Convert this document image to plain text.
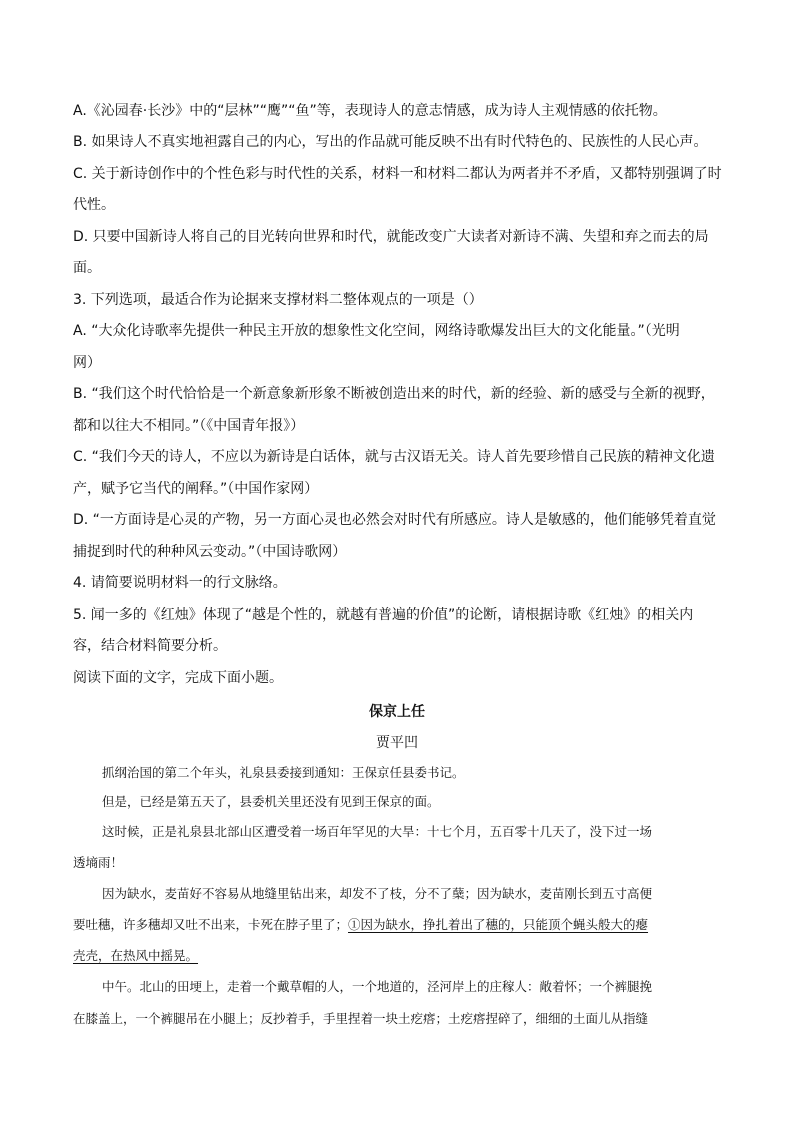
A.《沁园春·长沙》中的“层林”“鹰”“鱼”等，表现诗人的意志情感，成为诗人主观情感的依托物。
B. 如果诗人不真实地袒露自己的内心，写出的作品就可能反映不出有时代特色的、民族性的人民心声。
C. 关于新诗创作中的个性色彩与时代性的关系，材料一和材料二都认为两者并不矛盾，又都特别强调了时
代性。
D. 只要中国新诗人将自己的目光转向世界和时代，就能改变广大读者对新诗不满、失望和弃之而去的局
面。
3. 下列选项，最适合作为论据来支撑材料二整体观点的一项是（）
A. “大众化诗歌率先提供一种民主开放的想象性文化空间，网络诗歌爆发出巨大的文化能量。”（光明
网）
B. “我们这个时代恰恰是一个新意象新形象不断被创造出来的时代，新的经验、新的感受与全新的视野，
都和以往大不相同。”（《中国青年报》）
C. “我们今天的诗人，不应以为新诗是白话体，就与古汉语无关。诗人首先要珍惜自己民族的精神文化遗
产，赋予它当代的阐释。”（中国作家网）
D. “一方面诗是心灵的产物，另一方面心灵也必然会对时代有所感应。诗人是敏感的，他们能够凭着直觉
捕捉到时代的种种风云变动。”（中国诗歌网）
4. 请简要说明材料一的行文脉络。
5. 闻一多的《红烛》体现了“越是个性的，就越有普遍的价值”的论断，请根据诗歌《红烛》的相关内
容，结合材料简要分析。
阅读下面的文字，完成下面小题。
保京上任
贾平凹
抓纲治国的第二个年头，礼泉县委接到通知：王保京任县委书记。
但是，已经是第五天了，县委机关里还没有见到王保京的面。
这时候，正是礼泉县北部山区遭受着一场百年罕见的大旱：十七个月，五百零十几天了，没下过一场
透墒雨！
因为缺水，麦苗好不容易从地缝里钻出来，却发不了枝，分不了蘖；因为缺水，麦苗刚长到五寸高便
要吐穗，许多穗却又吐不出来，卡死在脖子里了；①因为缺水，挣扎着出了穗的，只能顶个蝇头般大的瘪
壳壳，在热风中摇晃。
中午。北山的田埂上，走着一个戴草帽的人，一个地道的，泾河岸上的庄稼人：敞着怀；一个裤腿挽
在膝盖上，一个裤腿吊在小腿上；反抄着手，手里捏着一块土疙瘩；土疙瘩捏碎了，细细的土面儿从指缝
